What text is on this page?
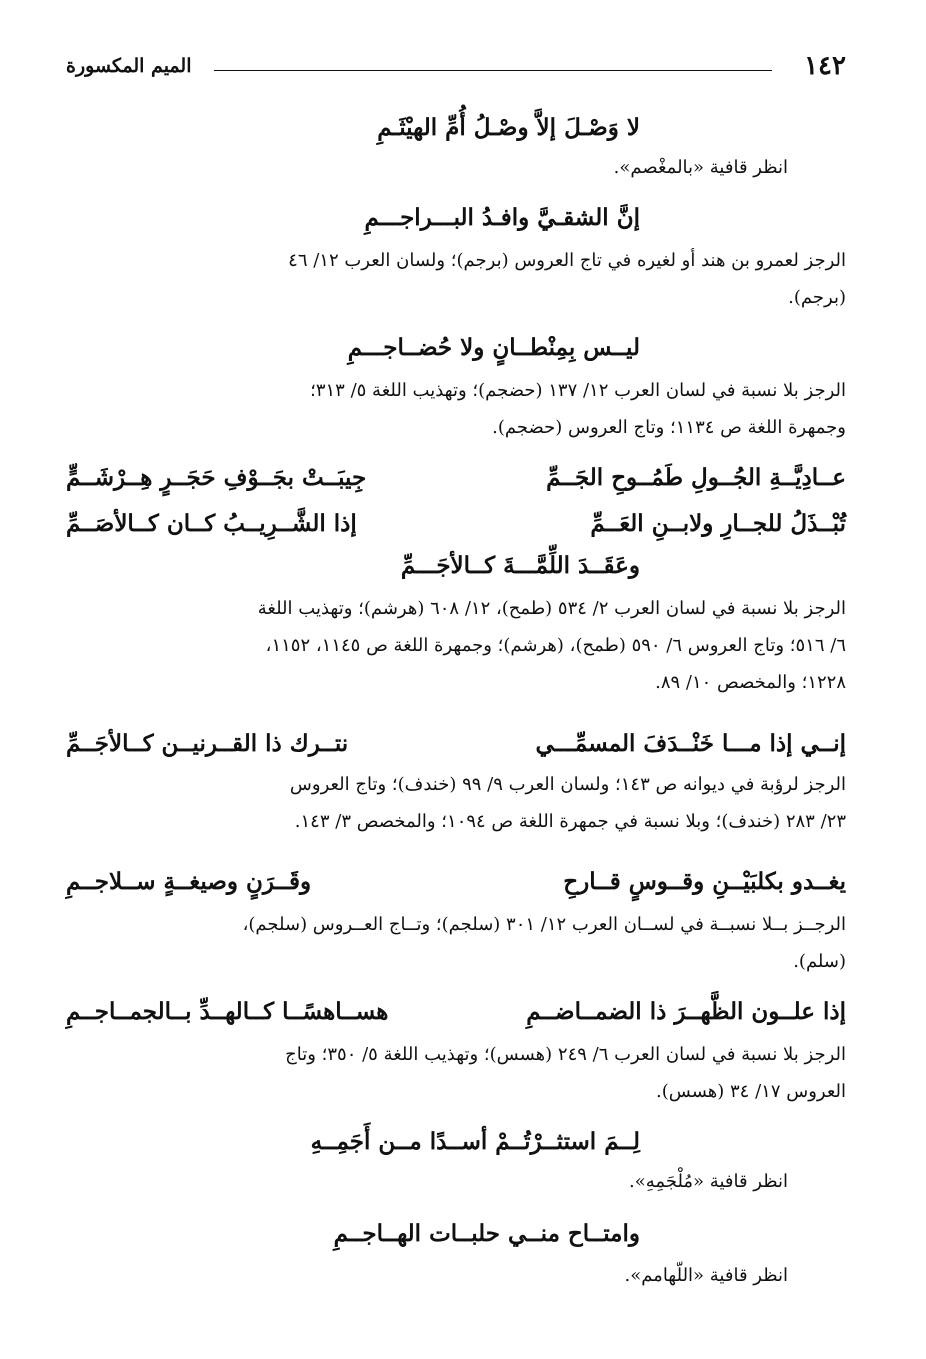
١٤٢
الميم المكسورة
لا وَصْـلَ إلاَّ وصْـلُ أُمِّ الهيْثَـمِ
انظر قافية «بالمغْصم».
إنَّ الشقـيَّ وافـدُ البـــراجـــمِ
الرجز لعمرو بن هند أو لغيره في تاج العروس (برجم)؛ ولسان العرب ١٢/ ٤٦
(برجم).
ليــس بِمِنْطــانٍ ولا حُضــاجـــمِ
الرجز بلا نسبة في لسان العرب ١٢/ ١٣٧ (حضجم)؛ وتهذيب اللغة ٥/ ٣١٣؛
وجمهرة اللغة ص ١١٣٤؛ وتاج العروس (حضجم).
عــادِيَّــةِ الجُــولِ طَمُــوحِ الجَــمِّ
جِيبَــتْ بجَــوْفِ حَجَــرٍ هِــرْشَــمٍّ
تُبْــذَلُ للجــارِ ولابــنِ العَــمِّ
إذا الشَّــرِيــبُ كــان كــالأصَــمِّ
وعَقَــدَ اللِّمَّـــةَ كــالأجَـــمِّ
الرجز بلا نسبة في لسان العرب ٢/ ٥٣٤ (طمح)، ١٢/ ٦٠٨ (هرشم)؛ وتهذيب اللغة
٦/ ٥١٦؛ وتاج العروس ٦/ ٥٩٠ (طمح)، (هرشم)؛ وجمهرة اللغة ص ١١٤٥، ١١٥٢،
١٢٢٨؛ والمخصص ١٠/ ٨٩.
إنــي إذا مـــا خَنْــدَفَ المسمِّـــي
نتــرك ذا القــرنيــن كــالأجَــمِّ
الرجز لرؤبة في ديوانه ص ١٤٣؛ ولسان العرب ٩/ ٩٩ (خندف)؛ وتاج العروس
٢٣/ ٢٨٣ (خندف)؛ وبلا نسبة في جمهرة اللغة ص ١٠٩٤؛ والمخصص ٣/ ١٤٣.
يغــدو بكلبَيْــنِ وقــوسٍ قــارحِ
وقَــرَنٍ وصيغــةٍ ســلاجــمِ
الرجــز بــلا نسبــة في لســان العرب ١٢/ ٣٠١ (سلجم)؛ وتــاج العــروس (سلجم)،
(سلم).
إذا علــون الظَّهــرَ ذا الضمــاضــمِ
هســاهسًــا كــالهــدِّ بــالجمــاجــمِ
الرجز بلا نسبة في لسان العرب ٦/ ٢٤٩ (هسس)؛ وتهذيب اللغة ٥/ ٣٥٠؛ وتاج
العروس ١٧/ ٣٤ (هسس).
لِــمَ استثــرْتُــمْ أســدًا مــن أَجَمِــهِ
انظر قافية «مُلْجَمِهِ».
وامتــاح منــي حلبــات الهــاجــمِ
انظر قافية «اللّهامم».
